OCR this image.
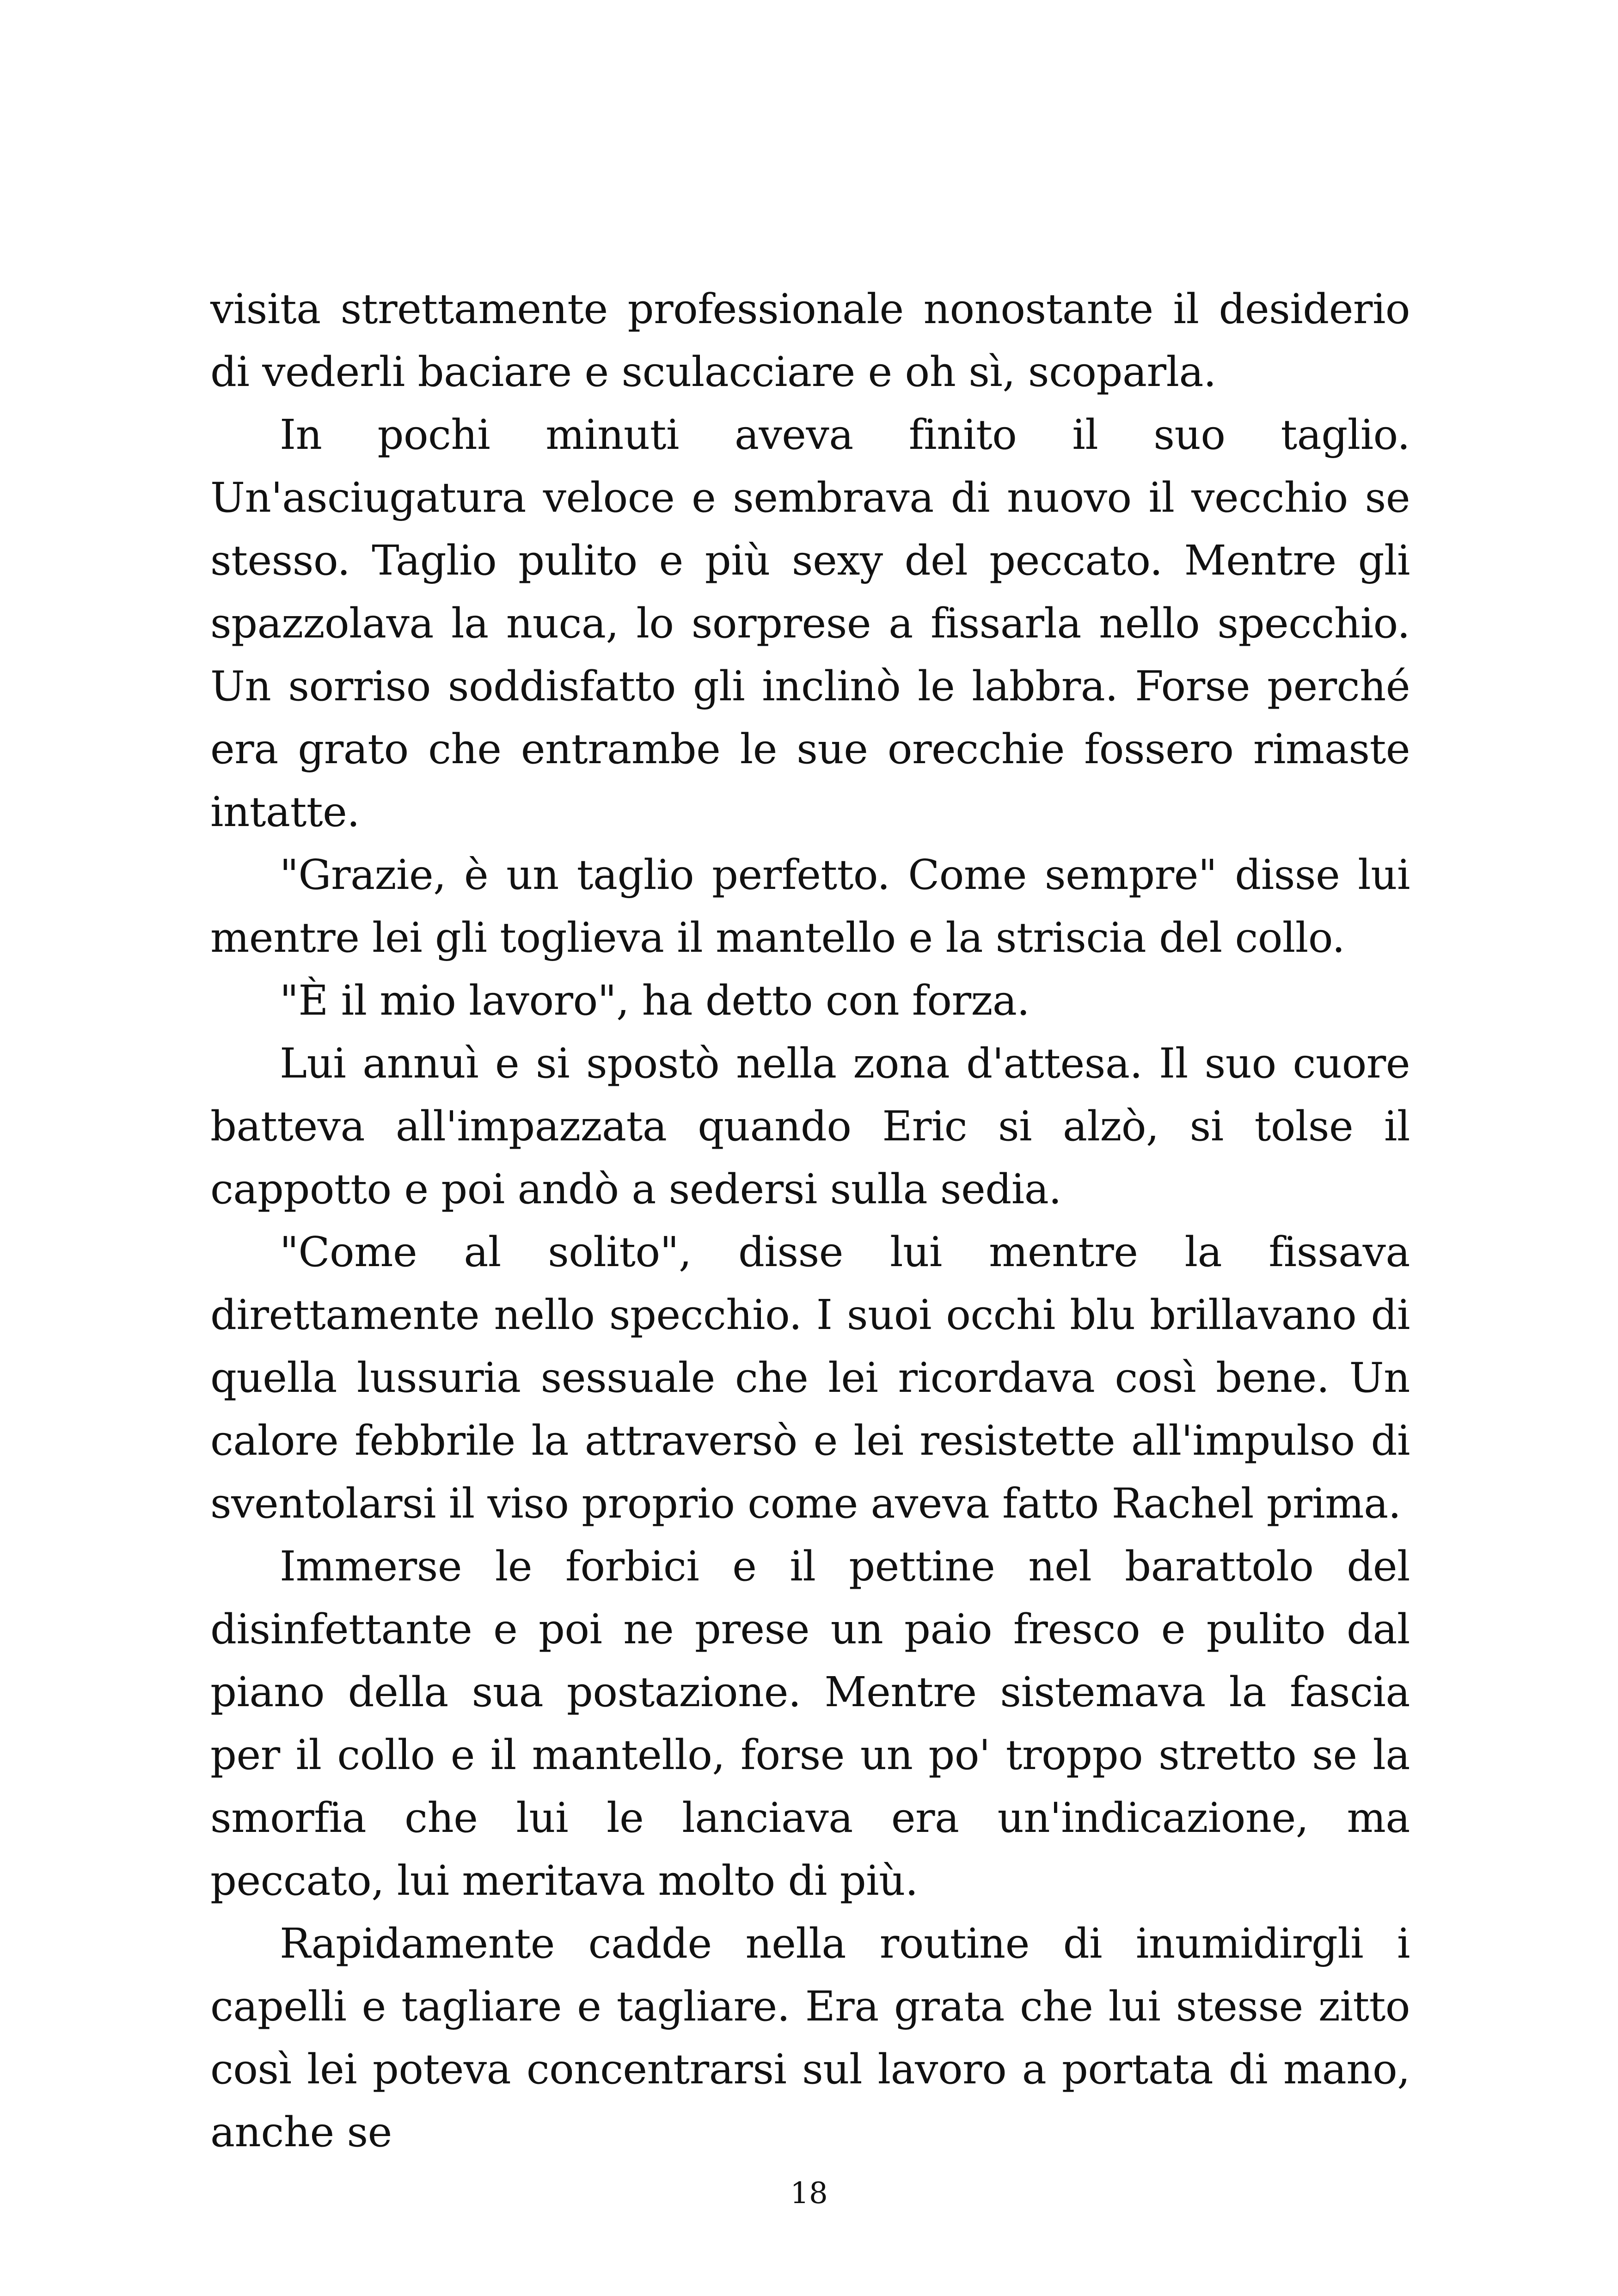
visita strettamente professionale nonostante il desiderio di vederli baciare e sculacciare e oh sì, scoparla.

In pochi minuti aveva finito il suo taglio. Un'asciugatura veloce e sembrava di nuovo il vecchio se stesso. Taglio pulito e più sexy del peccato. Mentre gli spazzolava la nuca, lo sorprese a fissarla nello specchio. Un sorriso soddisfatto gli inclinò le labbra. Forse perché era grato che entrambe le sue orecchie fossero rimaste intatte.

"Grazie, è un taglio perfetto. Come sempre" disse lui mentre lei gli toglieva il mantello e la striscia del collo.

"È il mio lavoro", ha detto con forza.

Lui annuì e si spostò nella zona d'attesa. Il suo cuore batteva all'impazzata quando Eric si alzò, si tolse il cappotto e poi andò a sedersi sulla sedia.

"Come al solito", disse lui mentre la fissava direttamente nello specchio. I suoi occhi blu brillavano di quella lussuria sessuale che lei ricordava così bene. Un calore febbrile la attraversò e lei resistette all'impulso di sventolarsi il viso proprio come aveva fatto Rachel prima.

Immerse le forbici e il pettine nel barattolo del disinfettante e poi ne prese un paio fresco e pulito dal piano della sua postazione. Mentre sistemava la fascia per il collo e il mantello, forse un po' troppo stretto se la smorfia che lui le lanciava era un'indicazione, ma peccato, lui meritava molto di più.

Rapidamente cadde nella routine di inumidirgli i capelli e tagliare e tagliare. Era grata che lui stesse zitto così lei poteva concentrarsi sul lavoro a portata di mano, anche se

18
